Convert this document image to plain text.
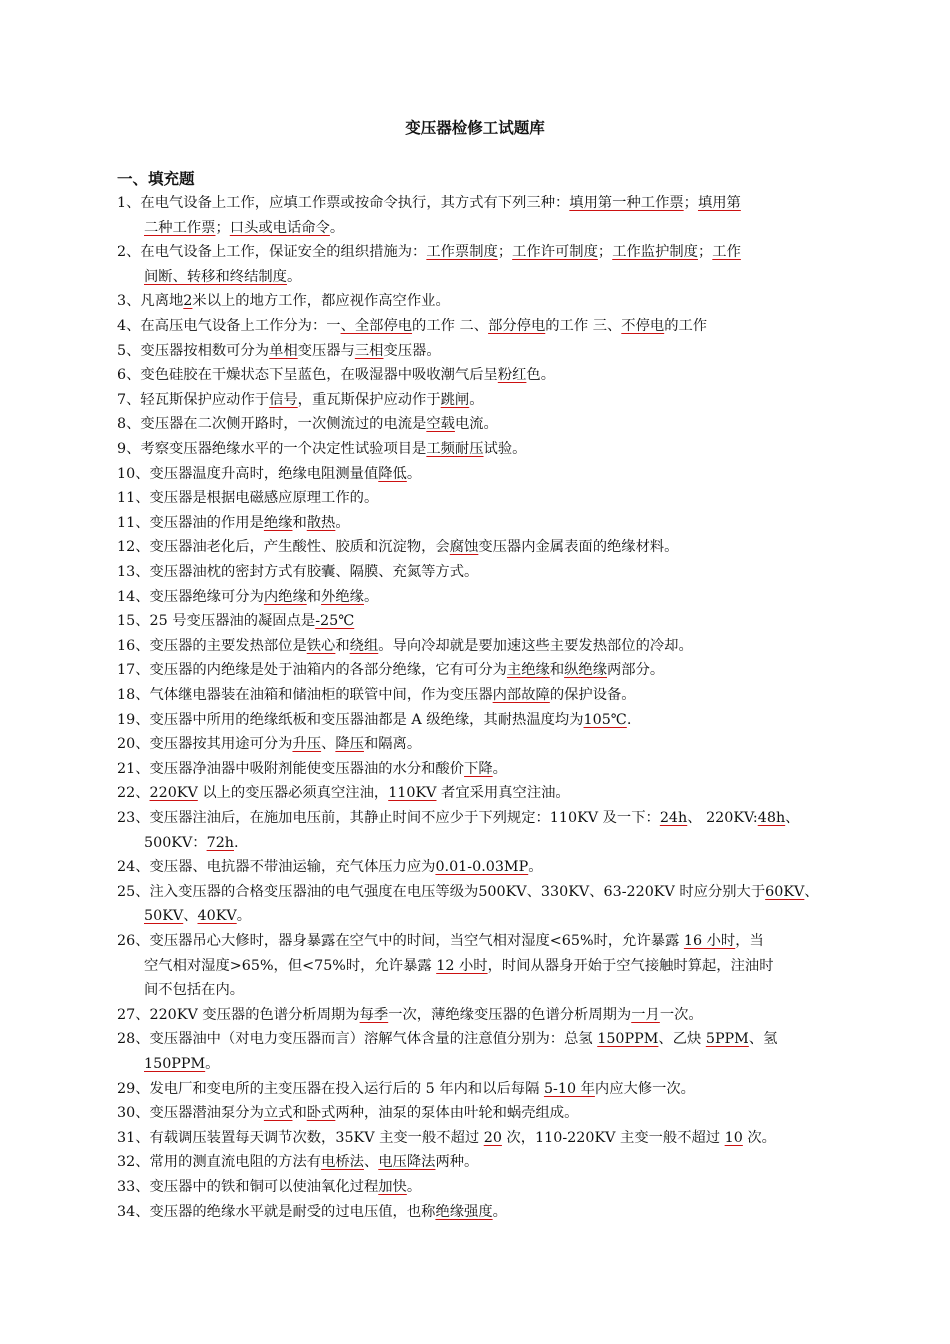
变压器检修工试题库
一、填充题
1、在电气设备上工作，应填工作票或按命令执行，其方式有下列三种：填用第一种工作票；填用第
二种工作票；口头或电话命令。
2、在电气设备上工作，保证安全的组织措施为：工作票制度；工作许可制度；工作监护制度；工作
间断、转移和终结制度。
3、凡离地2米以上的地方工作，都应视作高空作业。
4、在高压电气设备上工作分为：一、全部停电的工作 二、部分停电的工作 三、不停电的工作
5、变压器按相数可分为单相变压器与三相变压器。
6、变色硅胶在干燥状态下呈蓝色，在吸湿器中吸收潮气后呈粉红色。
7、轻瓦斯保护应动作于信号，重瓦斯保护应动作于跳闸。
8、变压器在二次侧开路时，一次侧流过的电流是空载电流。
9、考察变压器绝缘水平的一个决定性试验项目是工频耐压试验。
10、变压器温度升高时，绝缘电阻测量值降低。
11、变压器是根据电磁感应原理工作的。
11、变压器油的作用是绝缘和散热。
12、变压器油老化后，产生酸性、胶质和沉淀物，会腐蚀变压器内金属表面的绝缘材料。
13、变压器油枕的密封方式有胶囊、隔膜、充氮等方式。
14、变压器绝缘可分为内绝缘和外绝缘。
15、25 号变压器油的凝固点是-25℃
16、变压器的主要发热部位是铁心和绕组。导向冷却就是要加速这些主要发热部位的冷却。
17、变压器的内绝缘是处于油箱内的各部分绝缘，它有可分为主绝缘和纵绝缘两部分。
18、气体继电器装在油箱和储油柜的联管中间，作为变压器内部故障的保护设备。
19、变压器中所用的绝缘纸板和变压器油都是 A 级绝缘，其耐热温度均为105℃.
20、变压器按其用途可分为升压、降压和隔离。
21、变压器净油器中吸附剂能使变压器油的水分和酸价下降。
22、220KV 以上的变压器必须真空注油，110KV 者宜采用真空注油。
23、变压器注油后，在施加电压前，其静止时间不应少于下列规定：110KV 及一下：24h、 220KV:48h、
500KV：72h.
24、变压器、电抗器不带油运输，充气体压力应为0.01-0.03MP。
25、注入变压器的合格变压器油的电气强度在电压等级为500KV、330KV、63-220KV 时应分别大于60KV、
50KV、40KV。
26、变压器吊心大修时，器身暴露在空气中的时间，当空气相对湿度<65%时，允许暴露 16 小时，当
空气相对湿度>65%，但<75%时，允许暴露 12 小时，时间从器身开始于空气接触时算起，注油时
间不包括在内。
27、220KV 变压器的色谱分析周期为每季一次，薄绝缘变压器的色谱分析周期为一月一次。
28、变压器油中（对电力变压器而言）溶解气体含量的注意值分别为：总氢 150PPM、乙炔 5PPM、氢
150PPM。
29、发电厂和变电所的主变压器在投入运行后的 5 年内和以后每隔 5-10 年内应大修一次。
30、变压器潜油泵分为立式和卧式两种，油泵的泵体由叶轮和蜗壳组成。
31、有载调压装置每天调节次数，35KV 主变一般不超过 20 次，110-220KV 主变一般不超过 10 次。
32、常用的测直流电阻的方法有电桥法、电压降法两种。
33、变压器中的铁和铜可以使油氧化过程加快。
34、变压器的绝缘水平就是耐受的过电压值，也称绝缘强度。
